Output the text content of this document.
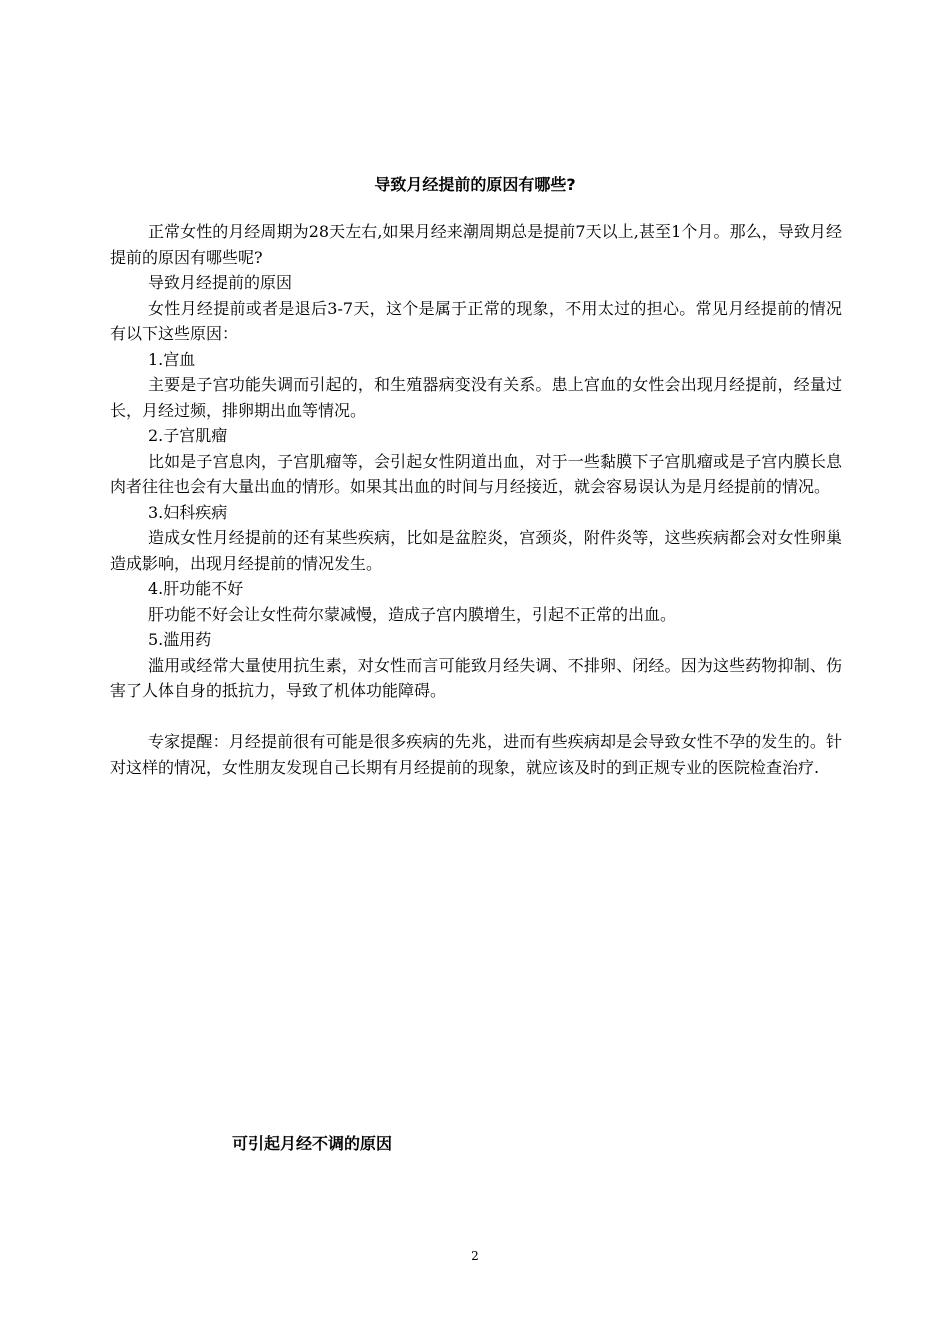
导致月经提前的原因有哪些?

正常女性的月经周期为28天左右,如果月经来潮周期总是提前7天以上,甚至1个月。那么，导致月经提前的原因有哪些呢?

导致月经提前的原因

女性月经提前或者是退后3-7天，这个是属于正常的现象，不用太过的担心。常见月经提前的情况有以下这些原因：

1.宫血

主要是子宫功能失调而引起的，和生殖器病变没有关系。患上宫血的女性会出现月经提前，经量过长，月经过频，排卵期出血等情况。

2.子宫肌瘤

比如是子宫息肉，子宫肌瘤等，会引起女性阴道出血，对于一些黏膜下子宫肌瘤或是子宫内膜长息肉者往往也会有大量出血的情形。如果其出血的时间与月经接近，就会容易误认为是月经提前的情况。

3.妇科疾病

造成女性月经提前的还有某些疾病，比如是盆腔炎，宫颈炎，附件炎等，这些疾病都会对女性卵巢造成影响，出现月经提前的情况发生。

4.肝功能不好

肝功能不好会让女性荷尔蒙减慢，造成子宫内膜增生，引起不正常的出血。

5.滥用药

滥用或经常大量使用抗生素，对女性而言可能致月经失调、不排卵、闭经。因为这些药物抑制、伤害了人体自身的抵抗力，导致了机体功能障碍。

专家提醒：月经提前很有可能是很多疾病的先兆，进而有些疾病却是会导致女性不孕的发生的。针对这样的情况，女性朋友发现自己长期有月经提前的现象，就应该及时的到正规专业的医院检查治疗.

可引起月经不调的原因
2
